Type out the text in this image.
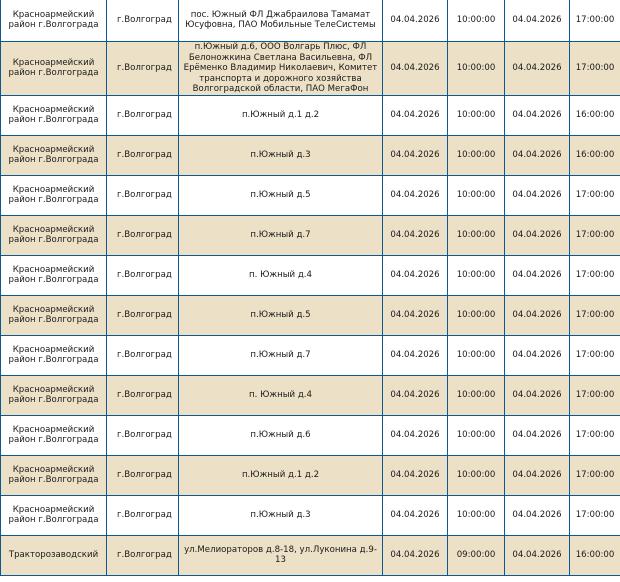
Красноармейский район г.Волгограда	г.Волгоград	пос. Южный ФЛ Джабраилова Тамамат Юсуфовна, ПАО Мобильные ТелеСистемы	04.04.2026	10:00:00	04.04.2026	17:00:00
Красноармейский район г.Волгограда	г.Волгоград	п.Южный д.6, ООО Волгарь Плюс, ФЛ Белоножкина Светлана Васильевна, ФЛ Ерёменко Владимир Николаевич, Комитет транспорта и дорожного хозяйства Волгоградской области, ПАО МегаФон	04.04.2026	10:00:00	04.04.2026	17:00:00
Красноармейский район г.Волгограда	г.Волгоград	п.Южный д.1 д.2	04.04.2026	10:00:00	04.04.2026	16:00:00
Красноармейский район г.Волгограда	г.Волгоград	п.Южный д.3	04.04.2026	10:00:00	04.04.2026	16:00:00
Красноармейский район г.Волгограда	г.Волгоград	п.Южный д.5	04.04.2026	10:00:00	04.04.2026	17:00:00
Красноармейский район г.Волгограда	г.Волгоград	п.Южный д.7	04.04.2026	10:00:00	04.04.2026	17:00:00
Красноармейский район г.Волгограда	г.Волгоград	п. Южный д.4	04.04.2026	10:00:00	04.04.2026	17:00:00
Красноармейский район г.Волгограда	г.Волгоград	п.Южный д.5	04.04.2026	10:00:00	04.04.2026	17:00:00
Красноармейский район г.Волгограда	г.Волгоград	п.Южный д.7	04.04.2026	10:00:00	04.04.2026	17:00:00
Красноармейский район г.Волгограда	г.Волгоград	п. Южный д.4	04.04.2026	10:00:00	04.04.2026	17:00:00
Красноармейский район г.Волгограда	г.Волгоград	п.Южный д.6	04.04.2026	10:00:00	04.04.2026	17:00:00
Красноармейский район г.Волгограда	г.Волгоград	п.Южный д.1 д.2	04.04.2026	10:00:00	04.04.2026	17:00:00
Красноармейский район г.Волгограда	г.Волгоград	п.Южный д.3	04.04.2026	10:00:00	04.04.2026	17:00:00
Тракторозаводский	г.Волгоград	ул.Мелиораторов д.8-18, ул.Луконина д.9-13	04.04.2026	09:00:00	04.04.2026	16:00:00
